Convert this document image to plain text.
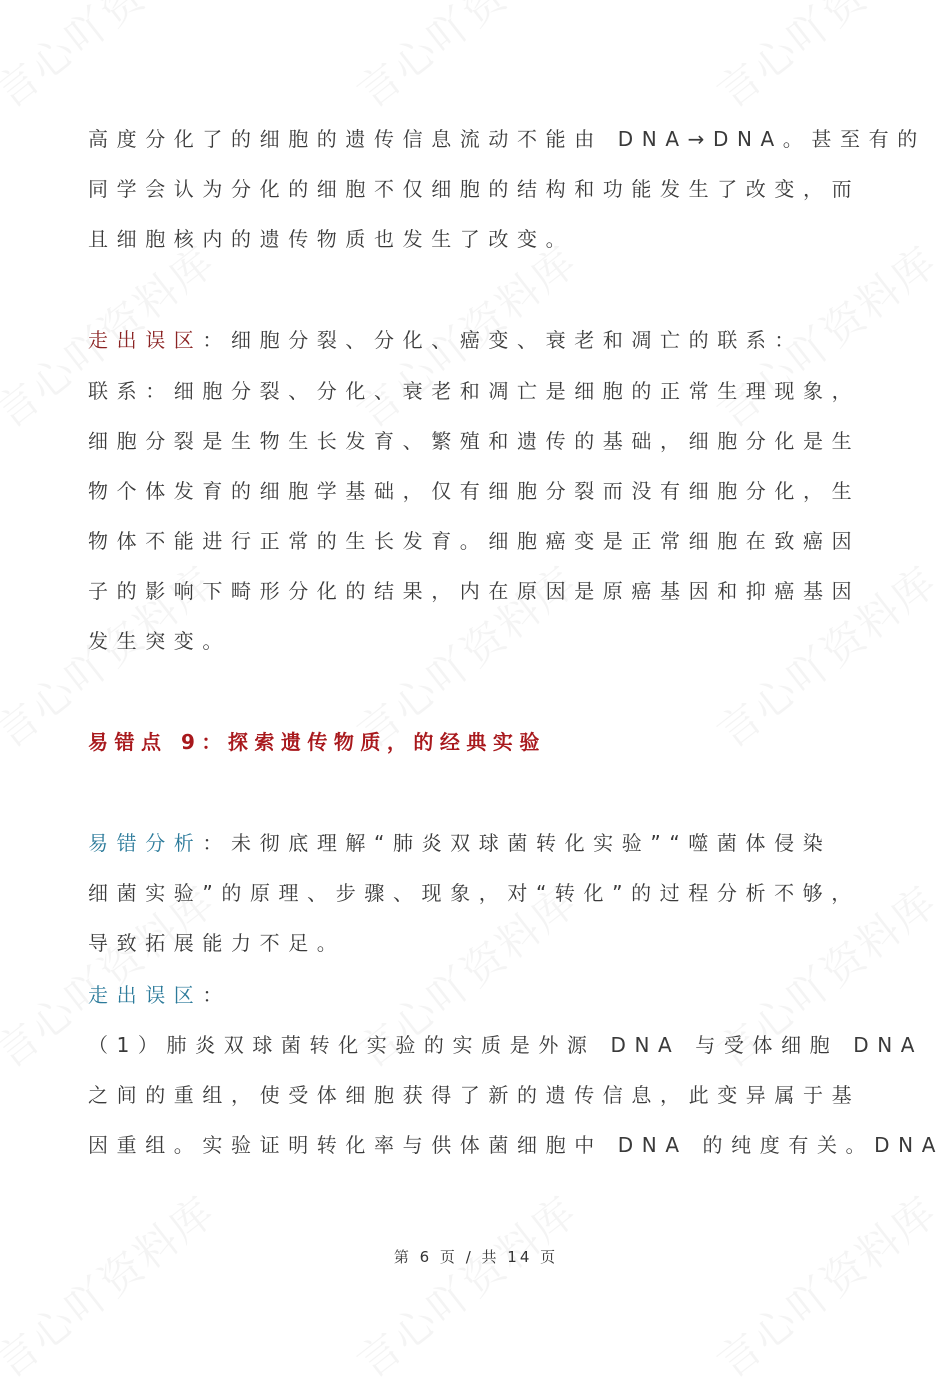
高度分化了的细胞的遗传信息流动不能由 DNA→DNA。甚至有的
同学会认为分化的细胞不仅细胞的结构和功能发生了改变，而
且细胞核内的遗传物质也发生了改变。
走出误区：细胞分裂、分化、癌变、衰老和凋亡的联系：
联系：细胞分裂、分化、衰老和凋亡是细胞的正常生理现象，
细胞分裂是生物生长发育、繁殖和遗传的基础，细胞分化是生
物个体发育的细胞学基础，仅有细胞分裂而没有细胞分化，生
物体不能进行正常的生长发育。细胞癌变是正常细胞在致癌因
子的影响下畸形分化的结果，内在原因是原癌基因和抑癌基因
发生突变。
易错点 9：探索遗传物质，的经典实验
易错分析：未彻底理解“肺炎双球菌转化实验”“噬菌体侵染
细菌实验”的原理、步骤、现象，对“转化”的过程分析不够，
导致拓展能力不足。
走出误区：
（1）肺炎双球菌转化实验的实质是外源 DNA 与受体细胞 DNA
之间的重组，使受体细胞获得了新的遗传信息，此变异属于基
因重组。实验证明转化率与供体菌细胞中 DNA 的纯度有关。DNA
第 6 页 / 共 14 页
